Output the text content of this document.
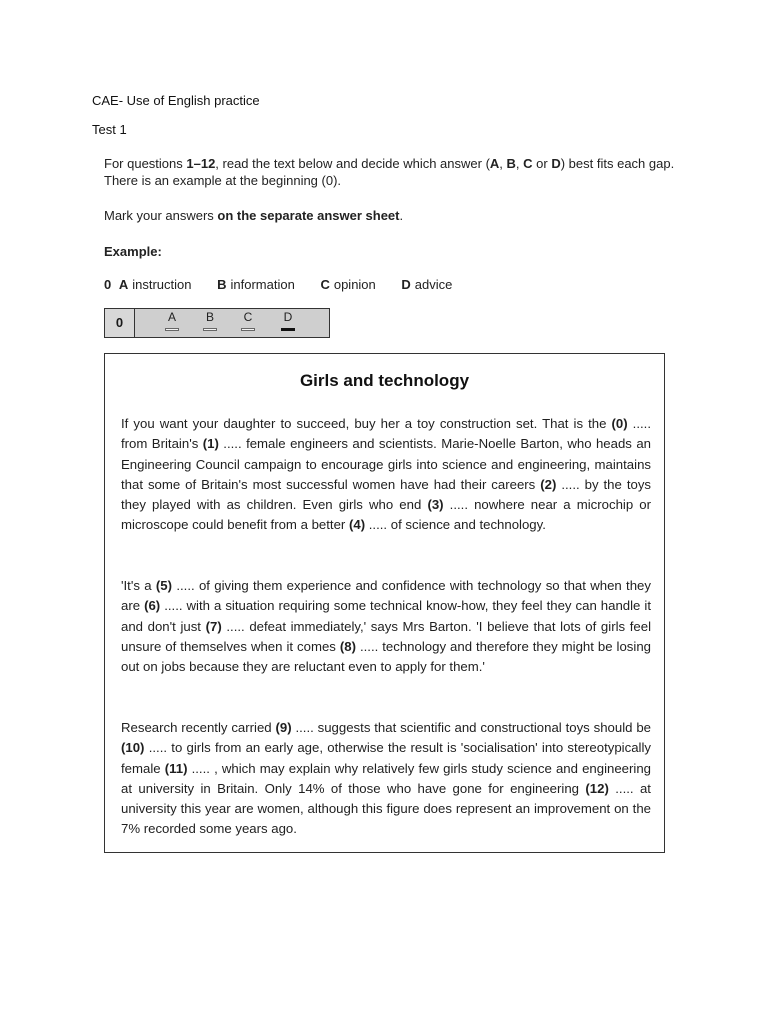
CAE- Use of English practice
Test 1
For questions 1–12, read the text below and decide which answer (A, B, C or D) best fits each gap.
There is an example at the beginning (0).
Mark your answers on the separate answer sheet.
Example:
0 A instruction B information C opinion D advice
0	A	B	C	D
Girls and technology
If you want your daughter to succeed, buy her a toy construction set. That is the (0) ..... from Britain's (1) ..... female engineers and scientists. Marie-Noelle Barton, who heads an Engineering Council campaign to encourage girls into science and engineering, maintains that some of Britain's most successful women have had their careers (2) ..... by the toys they played with as children. Even girls who end (3) ..... nowhere near a microchip or microscope could benefit from a better (4) ..... of science and technology.
'It's a (5) ..... of giving them experience and confidence with technology so that when they are (6) ..... with a situation requiring some technical know-how, they feel they can handle it and don't just (7) ..... defeat immediately,' says Mrs Barton. 'I believe that lots of girls feel unsure of themselves when it comes (8) ..... technology and therefore they might be losing out on jobs because they are reluctant even to apply for them.'
Research recently carried (9) ..... suggests that scientific and constructional toys should be (10) ..... to girls from an early age, otherwise the result is 'socialisation' into stereotypically female (11) ..... , which may explain why relatively few girls study science and engineering at university in Britain. Only 14% of those who have gone for engineering (12) ..... at university this year are women, although this figure does represent an improvement on the 7% recorded some years ago.
